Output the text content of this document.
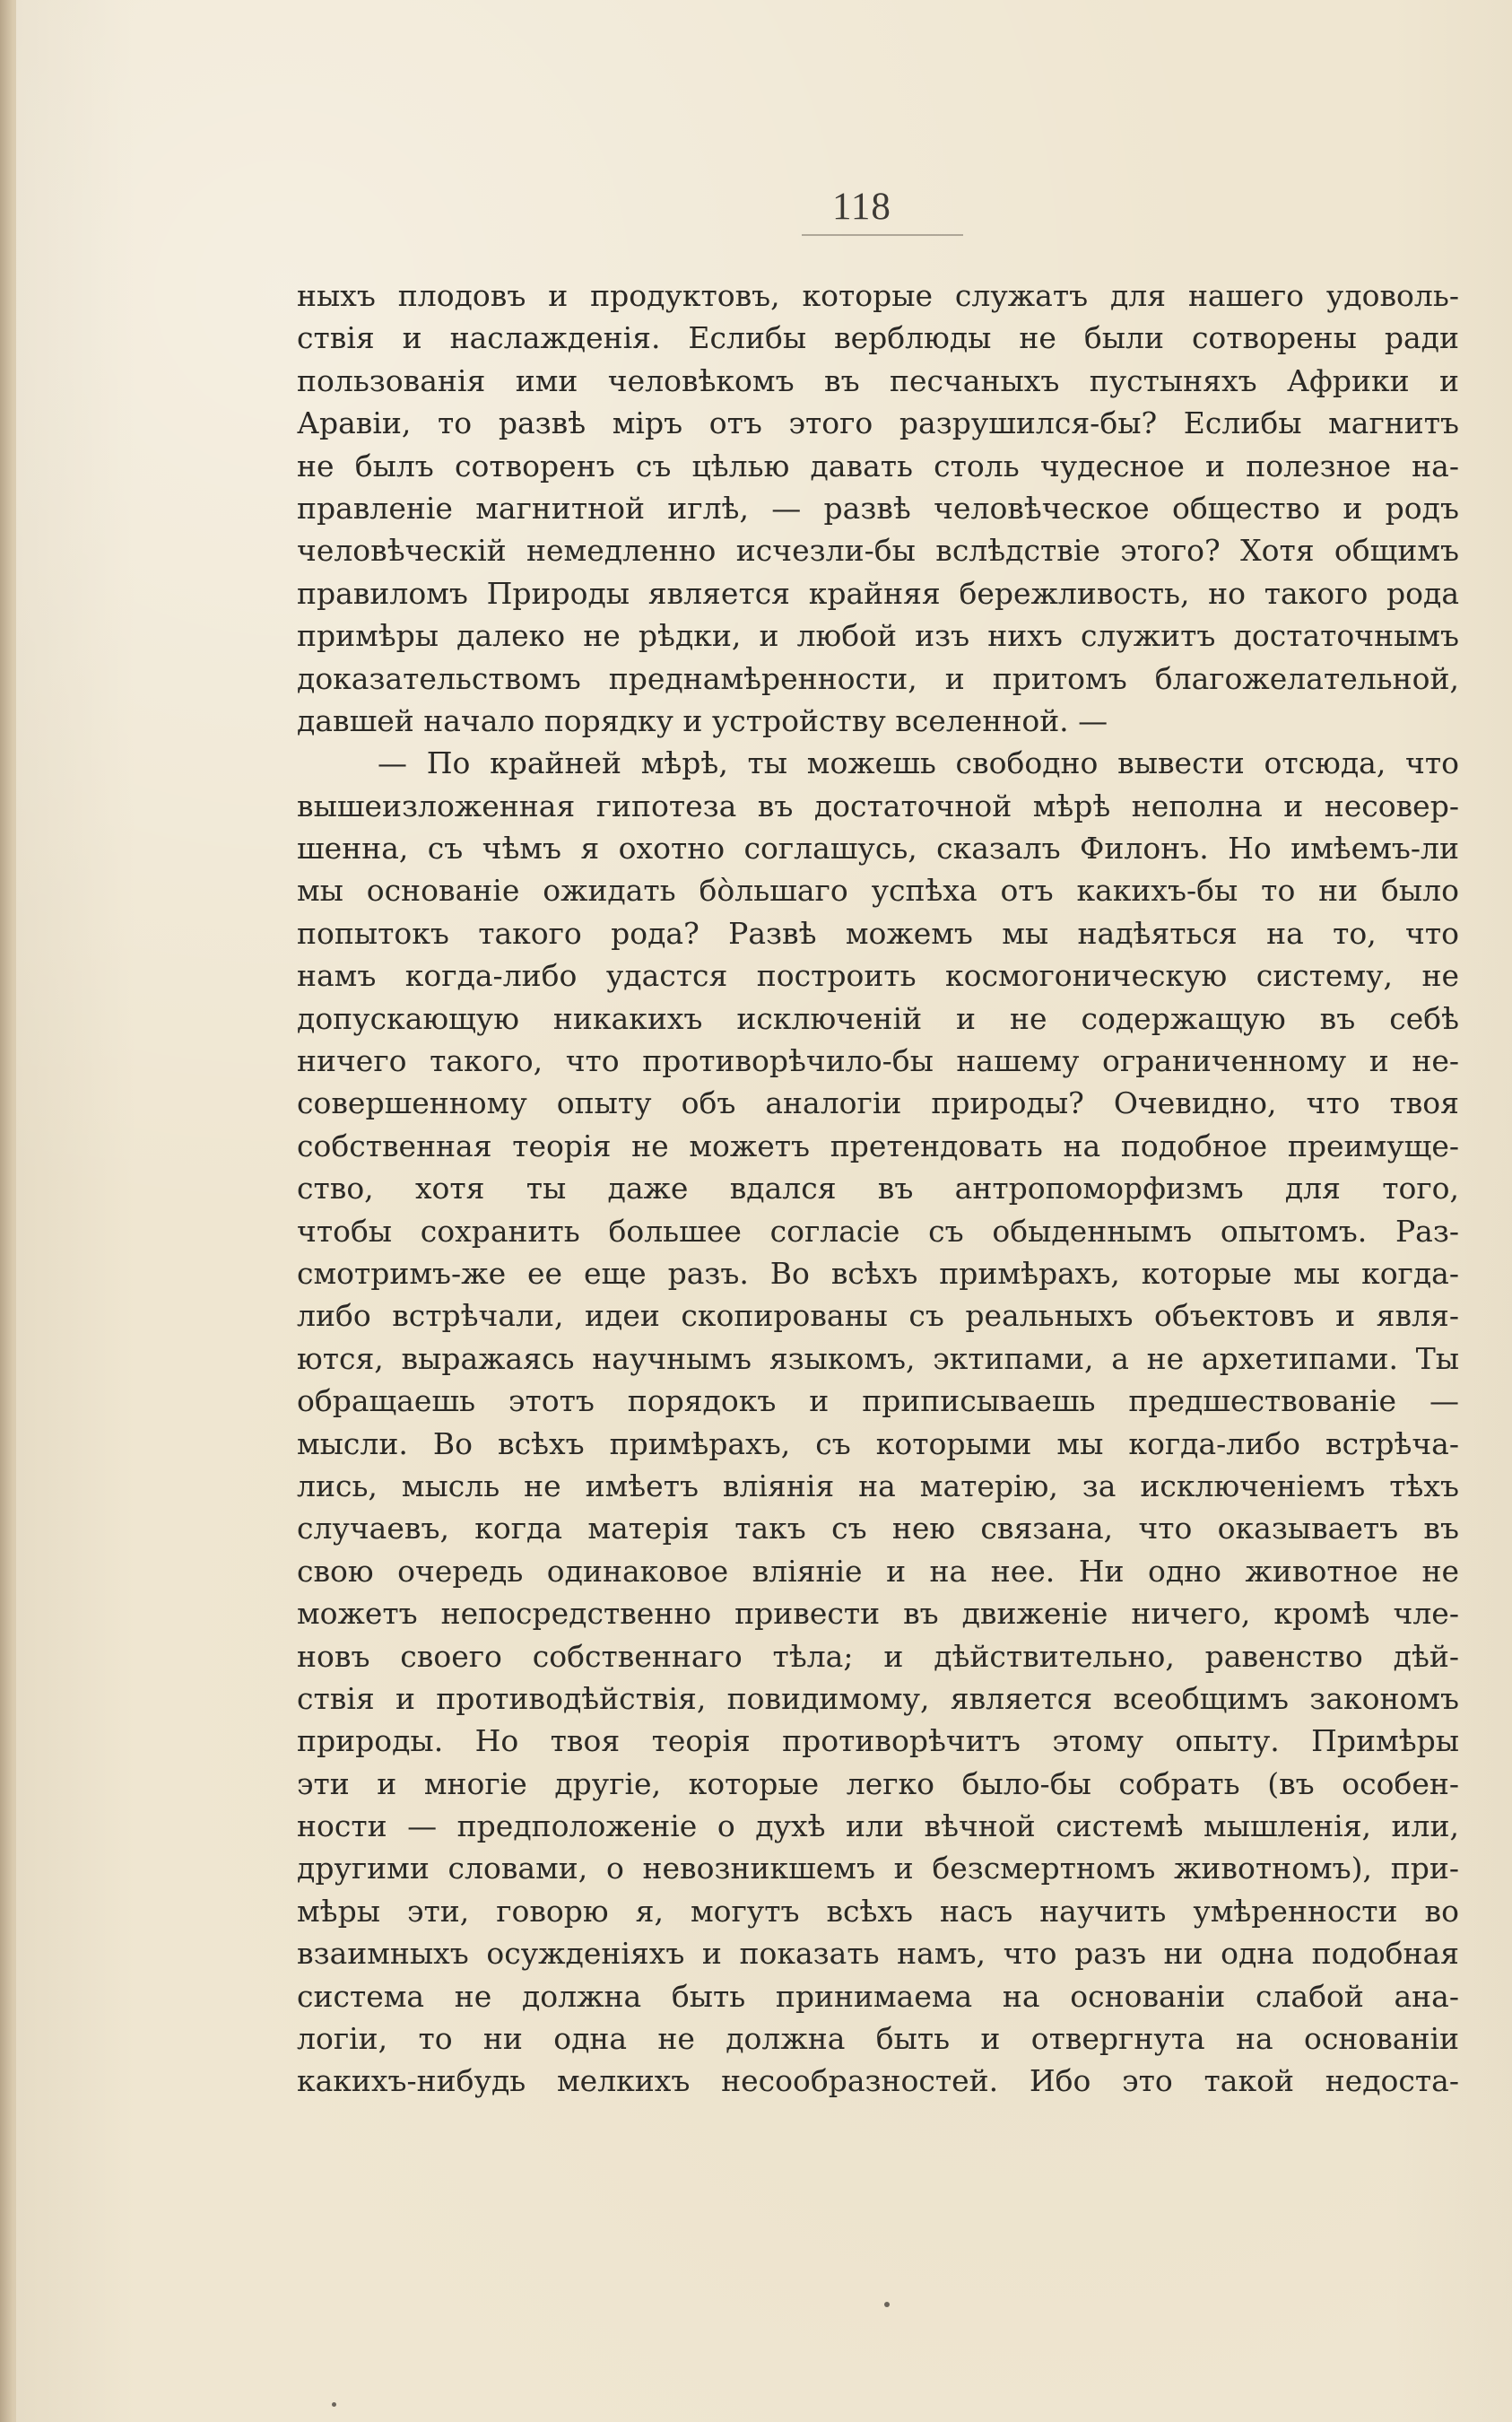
118
ныхъ плодовъ и продуктовъ, которые служатъ для нашего удоволь-
ствія и наслажденія. Еслибы верблюды не были сотворены ради
пользованія ими человѣкомъ въ песчаныхъ пустыняхъ Африки и
Аравіи, то развѣ міръ отъ этого разрушился-бы? Еслибы магнитъ
не былъ сотворенъ съ цѣлью давать столь чудесное и полезное на-
правленіе магнитной иглѣ, — развѣ человѣческое общество и родъ
человѣческій немедленно исчезли-бы вслѣдствіе этого? Хотя общимъ
правиломъ Природы является крайняя бережливость, но такого рода
примѣры далеко не рѣдки, и любой изъ нихъ служитъ достаточнымъ
доказательствомъ преднамѣренности, и притомъ благожелательной,
давшей начало порядку и устройству вселенной. —
— По крайней мѣрѣ, ты можешь свободно вывести отсюда, что
вышеизложенная гипотеза въ достаточной мѣрѣ неполна и несовер-
шенна, съ чѣмъ я охотно соглашусь, сказалъ Филонъ. Но имѣемъ-ли
мы основаніе ожидать бо̀льшаго успѣха отъ какихъ-бы то ни было
попытокъ такого рода? Развѣ можемъ мы надѣяться на то, что
намъ когда-либо удастся построить космогоническую систему, не
допускающую никакихъ исключеній и не содержащую въ себѣ
ничего такого, что противорѣчило-бы нашему ограниченному и не-
совершенному опыту объ аналогіи природы? Очевидно, что твоя
собственная теорія не можетъ претендовать на подобное преимуще-
ство, хотя ты даже вдался въ антропоморфизмъ для того,
чтобы сохранить большее согласіе съ обыденнымъ опытомъ. Раз-
смотримъ-же ее еще разъ. Во всѣхъ примѣрахъ, которые мы когда-
либо встрѣчали, идеи скопированы съ реальныхъ объектовъ и явля-
ются, выражаясь научнымъ языкомъ, эктипами, а не архетипами. Ты
обращаешь этотъ порядокъ и приписываешь предшествованіе —
мысли. Во всѣхъ примѣрахъ, съ которыми мы когда-либо встрѣча-
лись, мысль не имѣетъ вліянія на матерію, за исключеніемъ тѣхъ
случаевъ, когда матерія такъ съ нею связана, что оказываетъ въ
свою очередь одинаковое вліяніе и на нее. Ни одно животное не
можетъ непосредственно привести въ движеніе ничего, кромѣ чле-
новъ своего собственнаго тѣла; и дѣйствительно, равенство дѣй-
ствія и противодѣйствія, повидимому, является всеобщимъ закономъ
природы. Но твоя теорія противорѣчитъ этому опыту. Примѣры
эти и многіе другіе, которые легко было-бы собрать (въ особен-
ности — предположеніе о духѣ или вѣчной системѣ мышленія, или,
другими словами, о невозникшемъ и безсмертномъ животномъ), при-
мѣры эти, говорю я, могутъ всѣхъ насъ научить умѣренности во
взаимныхъ осужденіяхъ и показать намъ, что разъ ни одна подобная
система не должна быть принимаема на основаніи слабой ана-
логіи, то ни одна не должна быть и отвергнута на основаніи
какихъ-нибудь мелкихъ несообразностей. Ибо это такой недоста-
